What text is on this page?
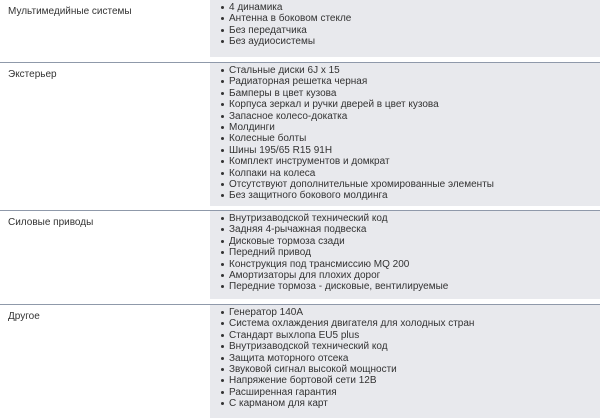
Мультимедийные системы	4 динамика
Антенна в боковом стекле
Без передатчика
Без аудиосистемы
Экстерьер	Стальные диски 6J x 15
Радиаторная решетка черная
Бамперы в цвет кузова
Корпуса зеркал и ручки дверей в цвет кузова
Запасное колесо-докатка
Молдинги
Колесные болты
Шины 195/65 R15 91H
Комплект инструментов и домкрат
Колпаки на колеса
Отсутствуют дополнительные хромированные элементы
Без защитного бокового молдинга
Силовые приводы	Внутризаводской технический код
Задняя 4-рычажная подвеска
Дисковые тормоза сзади
Передний привод
Конструкция под трансмиссию MQ 200
Амортизаторы для плохих дорог
Передние тормоза - дисковые, вентилируемые
Другое	Генератор 140A
Система охлаждения двигателя для холодных стран
Стандарт выхлопа EU5 plus
Внутризаводской технический код
Защита моторного отсека
Звуковой сигнал высокой мощности
Напряжение бортовой сети 12В
Расширенная гарантия
С карманом для карт
